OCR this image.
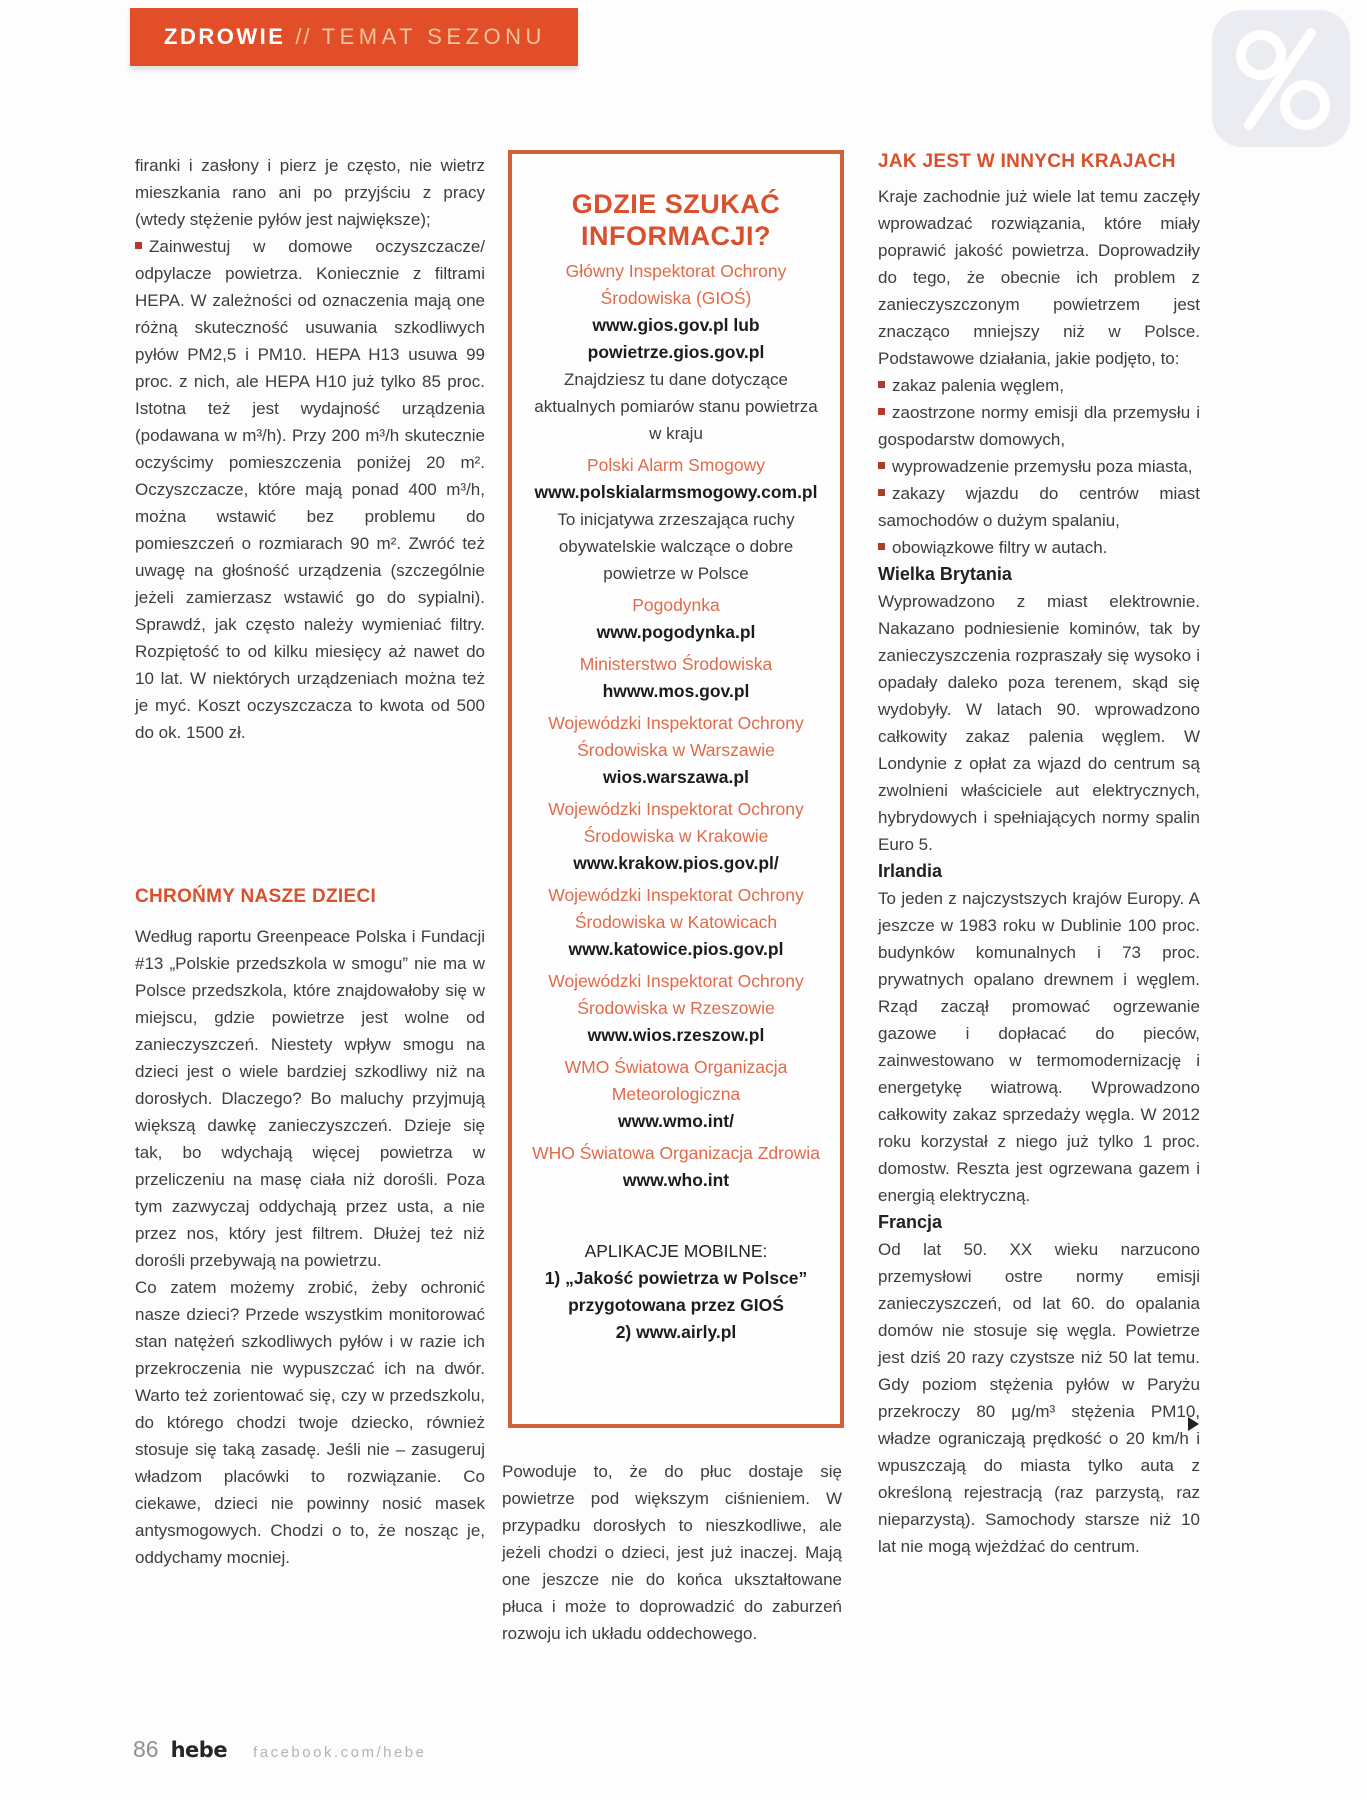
ZDROWIE // TEMAT SEZONU

firanki i zasłony i pierz je często, nie wietrz mieszkania rano ani po przyjściu z pracy (wtedy stężenie pyłów jest największe);

Zainwestuj w domowe oczyszczacze/ odpylacze powietrza. Koniecznie z filtrami HEPA. W zależności od oznaczenia mają one różną skuteczność usuwania szkodliwych pyłów PM2,5 i PM10. HEPA H13 usuwa 99 proc. z nich, ale HEPA H10 już tylko 85 proc. Istotna też jest wydajność urządzenia (podawana w m³/h). Przy 200 m³/h skutecznie oczyścimy pomieszczenia poniżej 20 m². Oczyszczacze, które mają ponad 400 m³/h, można wstawić bez problemu do pomieszczeń o rozmiarach 90 m². Zwróć też uwagę na głośność urządzenia (szczególnie jeżeli zamierzasz wstawić go do sypialni). Sprawdź, jak często należy wymieniać filtry. Rozpiętość to od kilku miesięcy aż nawet do 10 lat. W niektórych urządzeniach można też je myć. Koszt oczyszczacza to kwota od 500 do ok. 1500 zł.

CHROŃMY NASZE DZIECI

Według raportu Greenpeace Polska i Fundacji #13 „Polskie przedszkola w smogu” nie ma w Polsce przedszkola, które znajdowałoby się w miejscu, gdzie powietrze jest wolne od zanieczyszczeń. Niestety wpływ smogu na dzieci jest o wiele bardziej szkodliwy niż na dorosłych. Dlaczego? Bo maluchy przyjmują większą dawkę zanieczyszczeń. Dzieje się tak, bo wdychają więcej powietrza w przeliczeniu na masę ciała niż dorośli. Poza tym zazwyczaj oddychają przez usta, a nie przez nos, który jest filtrem. Dłużej też niż dorośli przebywają na powietrzu.

Co zatem możemy zrobić, żeby ochronić nasze dzieci? Przede wszystkim monitorować stan natężeń szkodliwych pyłów i w razie ich przekroczenia nie wypuszczać ich na dwór. Warto też zorientować się, czy w przedszkolu, do którego chodzi twoje dziecko, również stosuje się taką zasadę. Jeśli nie – zasugeruj władzom placówki to rozwiązanie. Co ciekawe, dzieci nie powinny nosić masek antysmogowych. Chodzi o to, że nosząc je, oddychamy mocniej.

GDZIE SZUKAĆ INFORMACJI?
Główny Inspektorat Ochrony Środowiska (GIOŚ)
www.gios.gov.pl lub powietrze.gios.gov.pl
Znajdziesz tu dane dotyczące aktualnych pomiarów stanu powietrza w kraju
Polski Alarm Smogowy
www.polskialarmsmogowy.com.pl
To inicjatywa zrzeszająca ruchy obywatelskie walczące o dobre powietrze w Polsce
Pogodynka
www.pogodynka.pl
Ministerstwo Środowiska
hwww.mos.gov.pl
Wojewódzki Inspektorat Ochrony Środowiska w Warszawie
wios.warszawa.pl
Wojewódzki Inspektorat Ochrony Środowiska w Krakowie
www.krakow.pios.gov.pl/
Wojewódzki Inspektorat Ochrony Środowiska w Katowicach
www.katowice.pios.gov.pl
Wojewódzki Inspektorat Ochrony Środowiska w Rzeszowie
www.wios.rzeszow.pl
WMO Światowa Organizacja Meteorologiczna
www.wmo.int/
WHO Światowa Organizacja Zdrowia
www.who.int
APLIKACJE MOBILNE:
1) „Jakość powietrza w Polsce” przygotowana przez GIOŚ
2) www.airly.pl

Powoduje to, że do płuc dostaje się powietrze pod większym ciśnieniem. W przypadku dorosłych to nieszkodliwe, ale jeżeli chodzi o dzieci, jest już inaczej. Mają one jeszcze nie do końca ukształtowane płuca i może to doprowadzić do zaburzeń rozwoju ich układu oddechowego.

JAK JEST W INNYCH KRAJACH

Kraje zachodnie już wiele lat temu zaczęły wprowadzać rozwiązania, które miały poprawić jakość powietrza. Doprowadziły do tego, że obecnie ich problem z zanieczyszczonym powietrzem jest znacząco mniejszy niż w Polsce. Podstawowe działania, jakie podjęto, to:

zakaz palenia węglem,
zaostrzone normy emisji dla przemysłu i gospodarstw domowych,
wyprowadzenie przemysłu poza miasta,
zakazy wjazdu do centrów miast samochodów o dużym spalaniu,
obowiązkowe filtry w autach.
Wielka Brytania

Wyprowadzono z miast elektrownie. Nakazano podniesienie kominów, tak by zanieczyszczenia rozpraszały się wysoko i opadały daleko poza terenem, skąd się wydobyły. W latach 90. wprowadzono całkowity zakaz palenia węglem. W Londynie z opłat za wjazd do centrum są zwolnieni właściciele aut elektrycznych, hybrydowych i spełniających normy spalin Euro 5.

Irlandia

To jeden z najczystszych krajów Europy. A jeszcze w 1983 roku w Dublinie 100 proc. budynków komunalnych i 73 proc. prywatnych opalano drewnem i węglem. Rząd zaczął promować ogrzewanie gazowe i dopłacać do pieców, zainwestowano w termomodernizację i energetykę wiatrową. Wprowadzono całkowity zakaz sprzedaży węgla. W 2012 roku korzystał z niego już tylko 1 proc. domostw. Reszta jest ogrzewana gazem i energią elektryczną.

Francja

Od lat 50. XX wieku narzucono przemysłowi ostre normy emisji zanieczyszczeń, od lat 60. do opalania domów nie stosuje się węgla. Powietrze jest dziś 20 razy czystsze niż 50 lat temu. Gdy poziom stężenia pyłów w Paryżu przekroczy 80 μg/m³ stężenia PM10, władze ograniczają prędkość o 20 km/h i wpuszczają do miasta tylko auta z określoną rejestracją (raz parzystą, raz nieparzystą). Samochody starsze niż 10 lat nie mogą wjeżdżać do centrum.

86 hebe facebook.com/hebe
